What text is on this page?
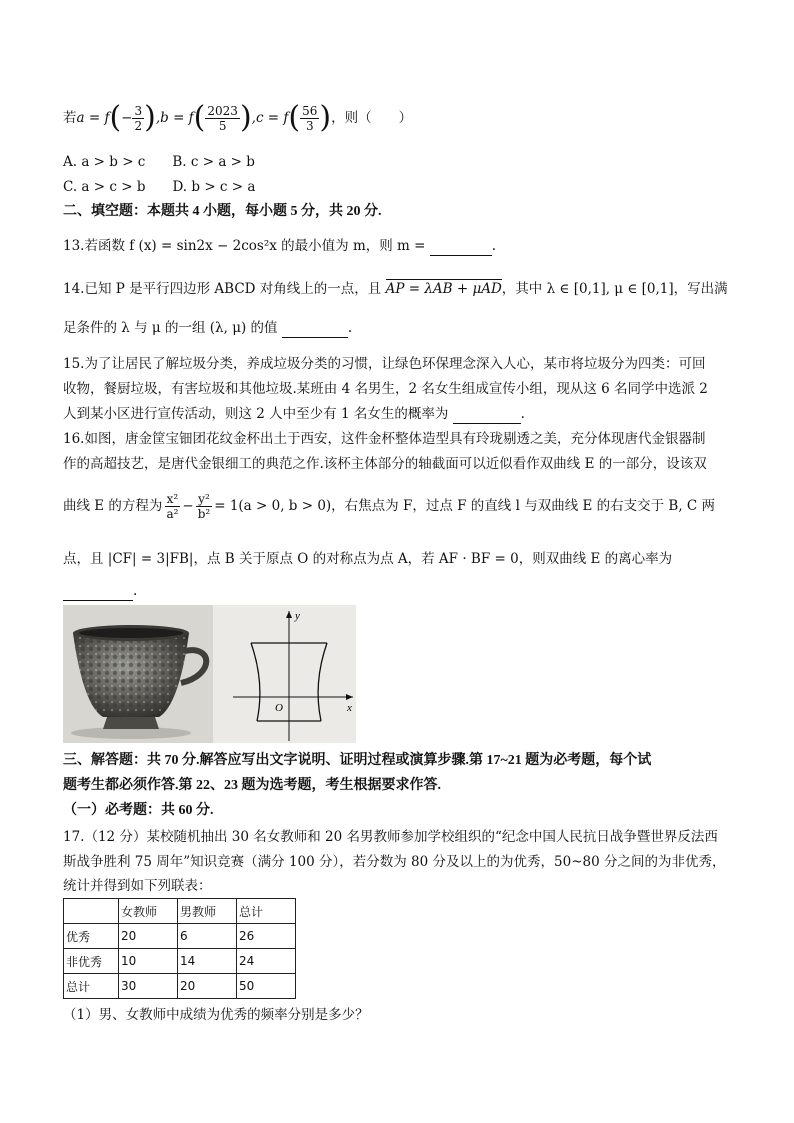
若 a = f ( − $\frac{3}{2}$ ) ,b = f ( $\frac{2023}{5}$ ) ,c = f ( $\frac{56}{3}$ ) ，则（　　）
A. a > b > c　　B. c > a > b
C. a > c > b　　D. b > c > a
二、填空题：本题共 4 小题，每小题 5 分，共 20 分.
13.若函数 f (x) = sin2x − 2cos²x 的最小值为 m，则 m =	.
14.已知 P 是平行四边形 ABCD 对角线上的一点，且 AP = λAB + μAD，其中 λ ∈ [0,1], μ ∈ [0,1]，写出满
足条件的 λ 与 μ 的一组 (λ, μ) 的值	.
15.为了让居民了解垃圾分类，养成垃圾分类的习惯，让绿色环保理念深入人心，某市将垃圾分为四类：可回
收物，餐厨垃圾，有害垃圾和其他垃圾.某班由 4 名男生，2 名女生组成宣传小组，现从这 6 名同学中选派 2
人到某小区进行宣传活动，则这 2 人中至少有 1 名女生的概率为	.
16.如图，唐金筐宝钿团花纹金杯出土于西安，这件金杯整体造型具有玲珑剔透之美，充分体现唐代金银器制
作的高超技艺，是唐代金银细工的典范之作.该杯主体部分的轴截面可以近似看作双曲线 E 的一部分，设该双
曲线 E 的方程为 $\frac{\text{x²}}{\text{a²}} - \frac{\text{y²}}{\text{b²}} = 1(a > 0$, b > 0)，右焦点为 F，过点 F 的直线 l 与双曲线 E 的右支交于 B, C 两
点，且 |CF| = 3|FB|，点 B 关于原点 O 的对称点为点 A，若 AF · BF = 0，则双曲线 E 的离心率为
.
y
x
O
三、解答题：共 70 分.解答应写出文字说明、证明过程或演算步骤.第 17~21 题为必考题，每个试
题考生都必须作答.第 22、23 题为选考题，考生根据要求作答.
（一）必考题：共 60 分.
17.（12 分）某校随机抽出 30 名女教师和 20 名男教师参加学校组织的“纪念中国人民抗日战争暨世界反法西
斯战争胜利 75 周年”知识竞赛（满分 100 分），若分数为 80 分及以上的为优秀，50~80 分之间的为非优秀，
统计并得到如下列联表：
	女教师	男教师	总计
优秀	20	6	26
非优秀	10	14	24
总计	30	20	50
（1）男、女教师中成绩为优秀的频率分别是多少？
